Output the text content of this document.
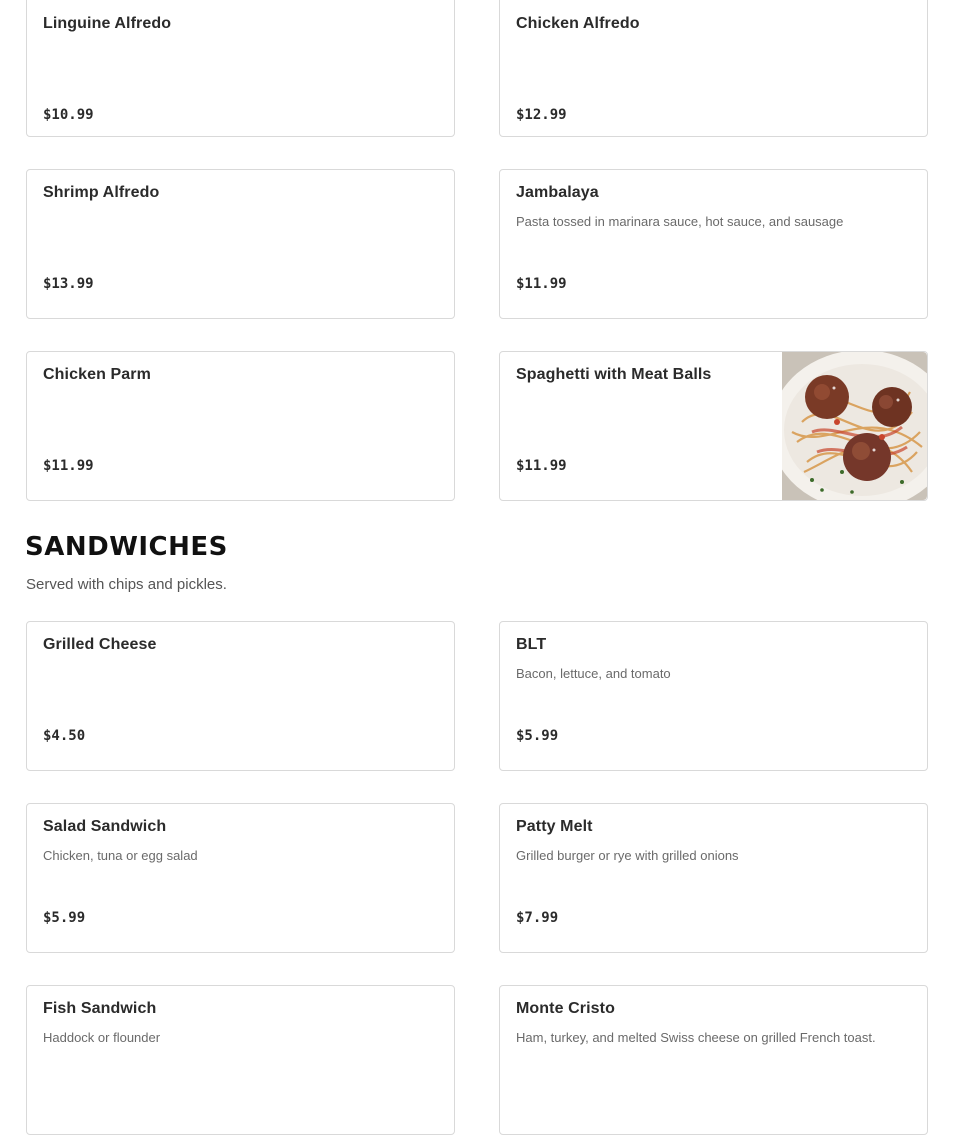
Linguine Alfredo
$10.99
Chicken Alfredo
$12.99
Shrimp Alfredo
$13.99
Jambalaya
Pasta tossed in marinara sauce, hot sauce, and sausage
$11.99
Chicken Parm
$11.99
Spaghetti with Meat Balls
$11.99
SANDWICHES
Served with chips and pickles.
Grilled Cheese
$4.50
BLT
Bacon, lettuce, and tomato
$5.99
Salad Sandwich
Chicken, tuna or egg salad
$5.99
Patty Melt
Grilled burger or rye with grilled onions
$7.99
Fish Sandwich
Haddock or flounder
Monte Cristo
Ham, turkey, and melted Swiss cheese on grilled French toast.
